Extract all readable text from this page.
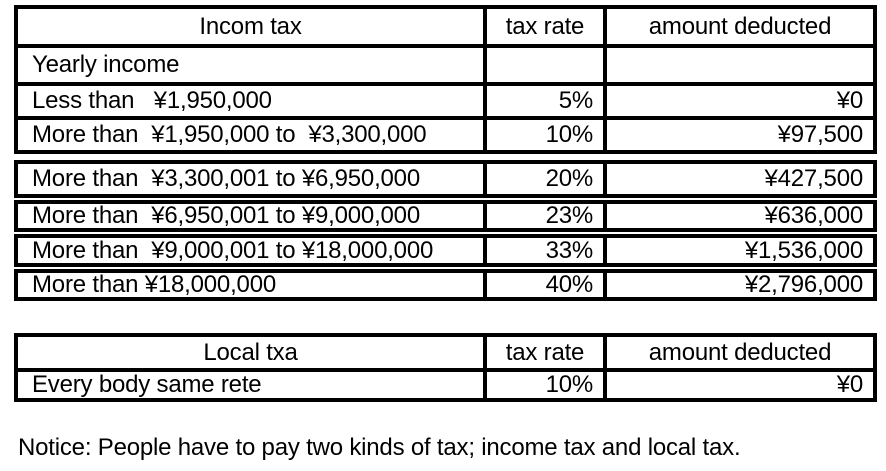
Incom tax	tax rate	amount deducted
Yearly income
Less than   ¥1,950,000	5%	¥0
More than  ¥1,950,000 to  ¥3,300,000	10%	¥97,500
More than  ¥3,300,001 to ¥6,950,000	20%	¥427,500
More than  ¥6,950,001 to ¥9,000,000	23%	¥636,000
More than  ¥9,000,001 to ¥18,000,000	33%	¥1,536,000
More than ¥18,000,000	40%	¥2,796,000
Local txa	tax rate	amount deducted
Every body same rete	10%	¥0

Notice: People have to pay two kinds of tax; income tax and local tax.
